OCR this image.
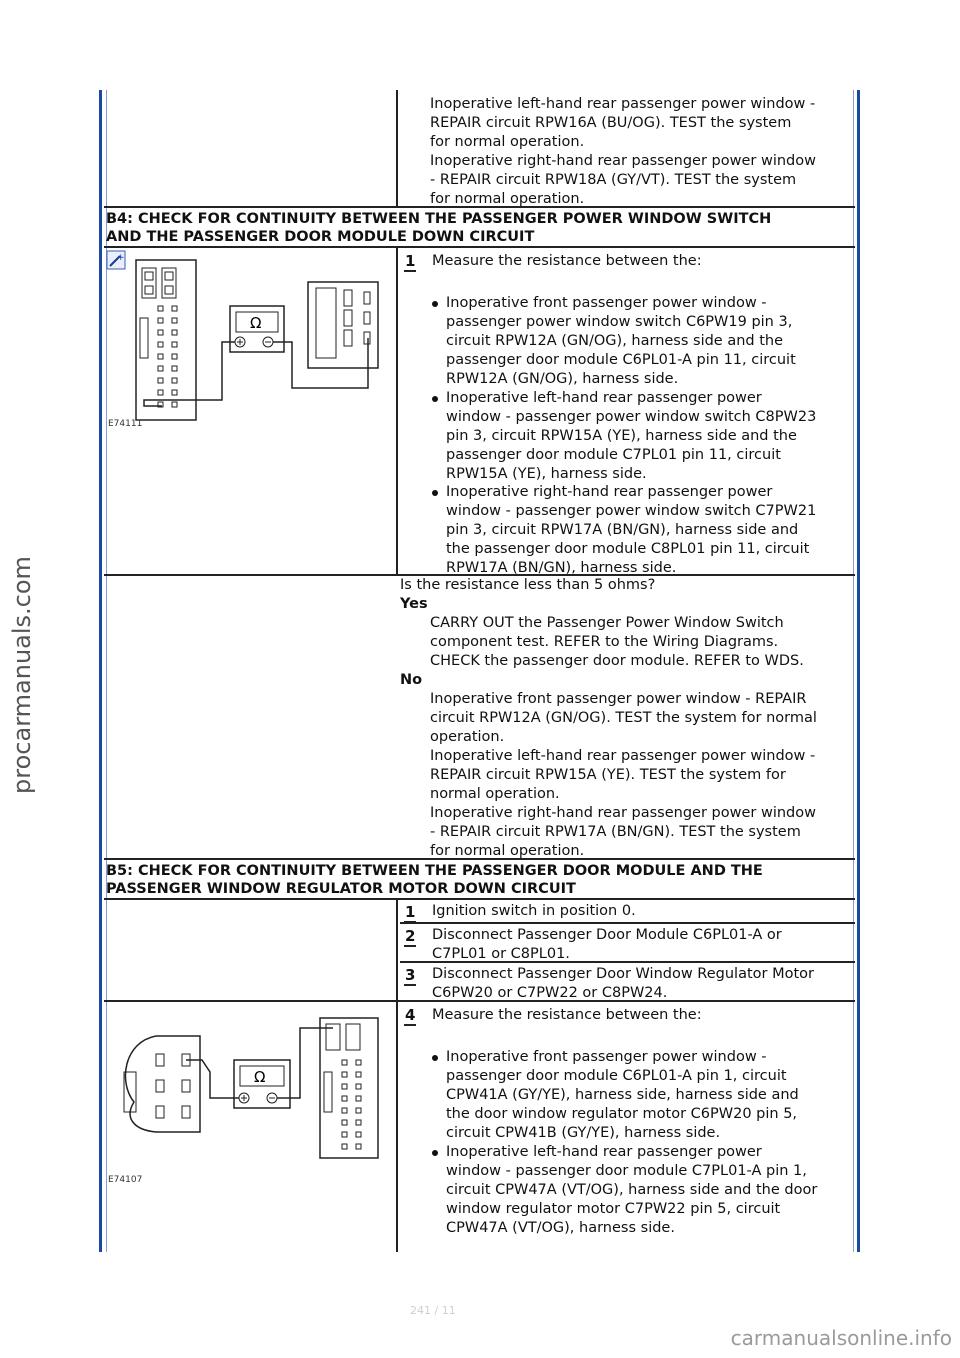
procarmanuals.com
carmanualsonline.info
241 / 11
Inoperative left-hand rear passenger power window -
REPAIR circuit RPW16A (BU/OG). TEST the system
for normal operation.
Inoperative right-hand rear passenger power window
- REPAIR circuit RPW18A (GY/VT). TEST the system
for normal operation.
B4: CHECK FOR CONTINUITY BETWEEN THE PASSENGER POWER WINDOW SWITCH
AND THE PASSENGER DOOR MODULE DOWN CIRCUIT
+
Ω
E74111
1 Measure the resistance between the:
Inoperative front passenger power window -
passenger power window switch C6PW19 pin 3,
circuit RPW12A (GN/OG), harness side and the
passenger door module C6PL01-A pin 11, circuit
RPW12A (GN/OG), harness side.
Inoperative left-hand rear passenger power
window - passenger power window switch C8PW23
pin 3, circuit RPW15A (YE), harness side and the
passenger door module C7PL01 pin 11, circuit
RPW15A (YE), harness side.
Inoperative right-hand rear passenger power
window - passenger power window switch C7PW21
pin 3, circuit RPW17A (BN/GN), harness side and
the passenger door module C8PL01 pin 11, circuit
RPW17A (BN/GN), harness side.
Is the resistance less than 5 ohms?
Yes
CARRY OUT the Passenger Power Window Switch
component test. REFER to the Wiring Diagrams.
CHECK the passenger door module. REFER to WDS.
No
Inoperative front passenger power window - REPAIR
circuit RPW12A (GN/OG). TEST the system for normal
operation.
Inoperative left-hand rear passenger power window -
REPAIR circuit RPW15A (YE). TEST the system for
normal operation.
Inoperative right-hand rear passenger power window
- REPAIR circuit RPW17A (BN/GN). TEST the system
for normal operation.
B5: CHECK FOR CONTINUITY BETWEEN THE PASSENGER DOOR MODULE AND THE
PASSENGER WINDOW REGULATOR MOTOR DOWN CIRCUIT
1 Ignition switch in position 0.
2 Disconnect Passenger Door Module C6PL01-A or
C7PL01 or C8PL01.
3 Disconnect Passenger Door Window Regulator Motor
C6PW20 or C7PW22 or C8PW24.
Ω
E74107
4 Measure the resistance between the:
Inoperative front passenger power window -
passenger door module C6PL01-A pin 1, circuit
CPW41A (GY/YE), harness side, harness side and
the door window regulator motor C6PW20 pin 5,
circuit CPW41B (GY/YE), harness side.
Inoperative left-hand rear passenger power
window - passenger door module C7PL01-A pin 1,
circuit CPW47A (VT/OG), harness side and the door
window regulator motor C7PW22 pin 5, circuit
CPW47A (VT/OG), harness side.
